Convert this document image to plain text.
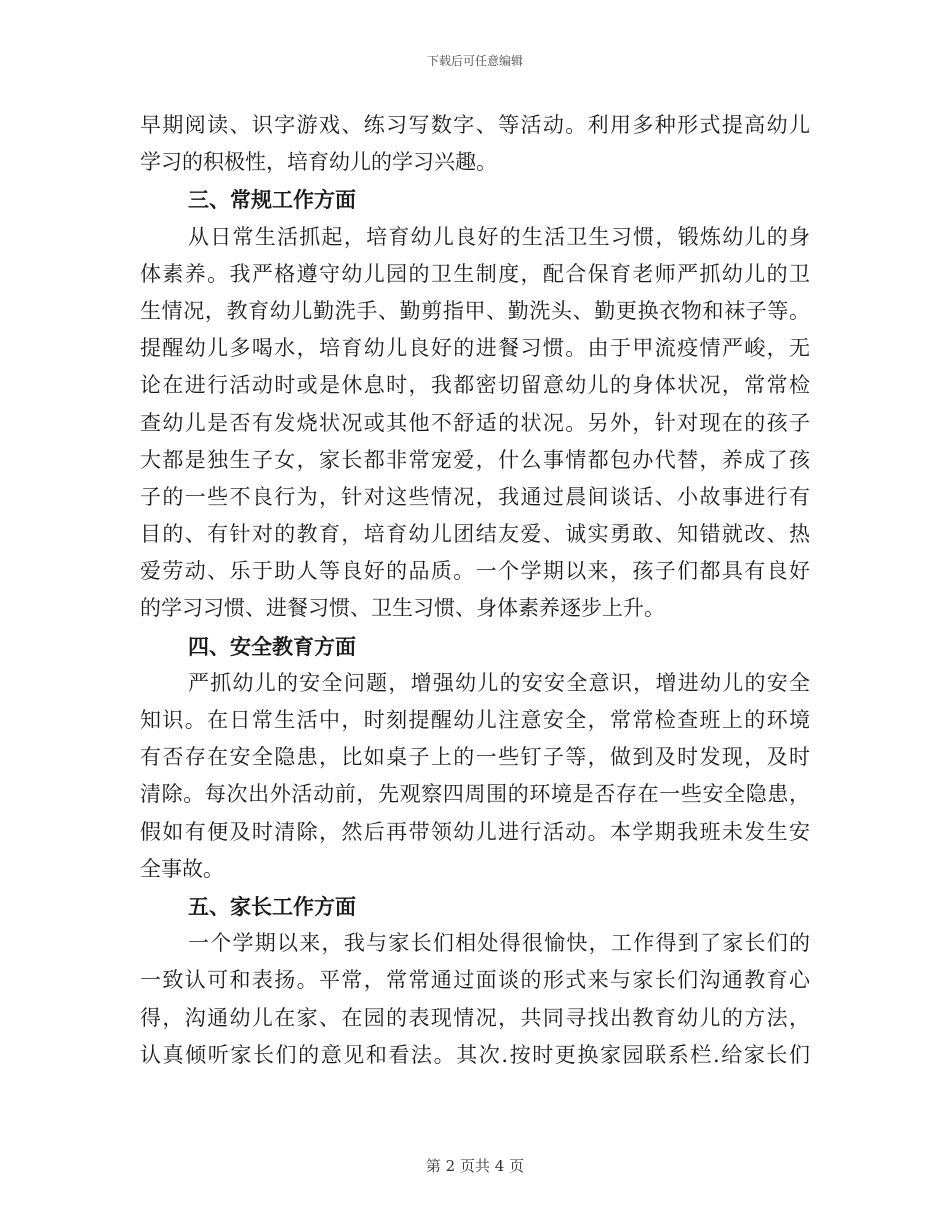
下载后可任意编辑
早期阅读、识字游戏、练习写数字、等活动。利用多种形式提高幼儿
学习的积极性，培育幼儿的学习兴趣。
三、常规工作方面
从日常生活抓起，培育幼儿良好的生活卫生习惯，锻炼幼儿的身
体素养。我严格遵守幼儿园的卫生制度，配合保育老师严抓幼儿的卫
生情况，教育幼儿勤洗手、勤剪指甲、勤洗头、勤更换衣物和袜子等。
提醒幼儿多喝水，培育幼儿良好的进餐习惯。由于甲流疫情严峻，无
论在进行活动时或是休息时，我都密切留意幼儿的身体状况，常常检
查幼儿是否有发烧状况或其他不舒适的状况。另外，针对现在的孩子
大都是独生子女，家长都非常宠爱，什么事情都包办代替，养成了孩
子的一些不良行为，针对这些情况，我通过晨间谈话、小故事进行有
目的、有针对的教育，培育幼儿团结友爱、诚实勇敢、知错就改、热
爱劳动、乐于助人等良好的品质。一个学期以来，孩子们都具有良好
的学习习惯、进餐习惯、卫生习惯、身体素养逐步上升。
四、安全教育方面
严抓幼儿的安全问题，增强幼儿的安安全意识，增进幼儿的安全
知识。在日常生活中，时刻提醒幼儿注意安全，常常检查班上的环境
有否存在安全隐患，比如桌子上的一些钉子等，做到及时发现，及时
清除。每次出外活动前，先观察四周围的环境是否存在一些安全隐患，
假如有便及时清除，然后再带领幼儿进行活动。本学期我班未发生安
全事故。
五、家长工作方面
一个学期以来，我与家长们相处得很愉快，工作得到了家长们的
一致认可和表扬。平常，常常通过面谈的形式来与家长们沟通教育心
得，沟通幼儿在家、在园的表现情况，共同寻找出教育幼儿的方法，
认真倾听家长们的意见和看法。其次.按时更换家园联系栏.给家长们
第 2 页共 4 页
